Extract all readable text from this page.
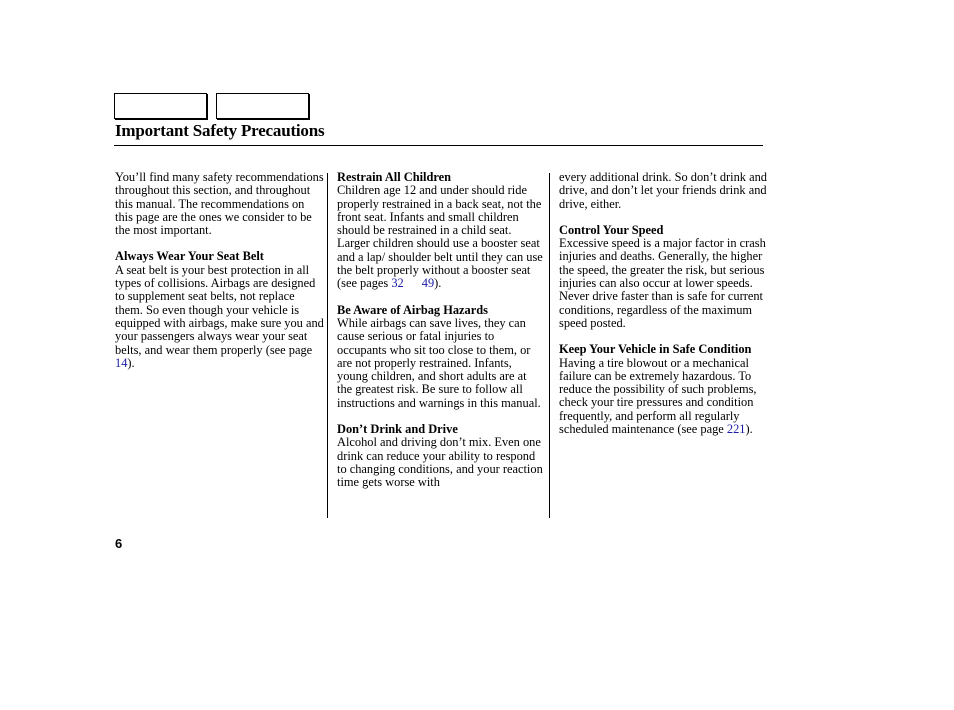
Important Safety Precautions
You’ll find many safety recommendations throughout this section, and throughout this manual. The recommendations on this page are the ones we consider to be the most important.
Always Wear Your Seat Belt
A seat belt is your best protection in all types of collisions. Airbags are designed to supplement seat belts, not replace them. So even though your vehicle is equipped with airbags, make sure you and your passengers always wear your seat belts, and wear them properly (see page 14).
Restrain All Children
Children age 12 and under should ride properly restrained in a back seat, not the front seat. Infants and small children should be restrained in a child seat. Larger children should use a booster seat and a lap/ shoulder belt until they can use the belt properly without a booster seat (see pages 32 49).
Be Aware of Airbag Hazards
While airbags can save lives, they can cause serious or fatal injuries to occupants who sit too close to them, or are not properly restrained. Infants, young children, and short adults are at the greatest risk. Be sure to follow all instructions and warnings in this manual.
Don’t Drink and Drive
Alcohol and driving don’t mix. Even one drink can reduce your ability to respond to changing conditions, and your reaction time gets worse with
every additional drink. So don’t drink and drive, and don’t let your friends drink and drive, either.
Control Your Speed
Excessive speed is a major factor in crash injuries and deaths. Generally, the higher the speed, the greater the risk, but serious injuries can also occur at lower speeds. Never drive faster than is safe for current conditions, regardless of the maximum speed posted.
Keep Your Vehicle in Safe Condition
Having a tire blowout or a mechanical failure can be extremely hazardous. To reduce the possibility of such problems, check your tire pressures and condition frequently, and perform all regularly scheduled maintenance (see page 221).
6
